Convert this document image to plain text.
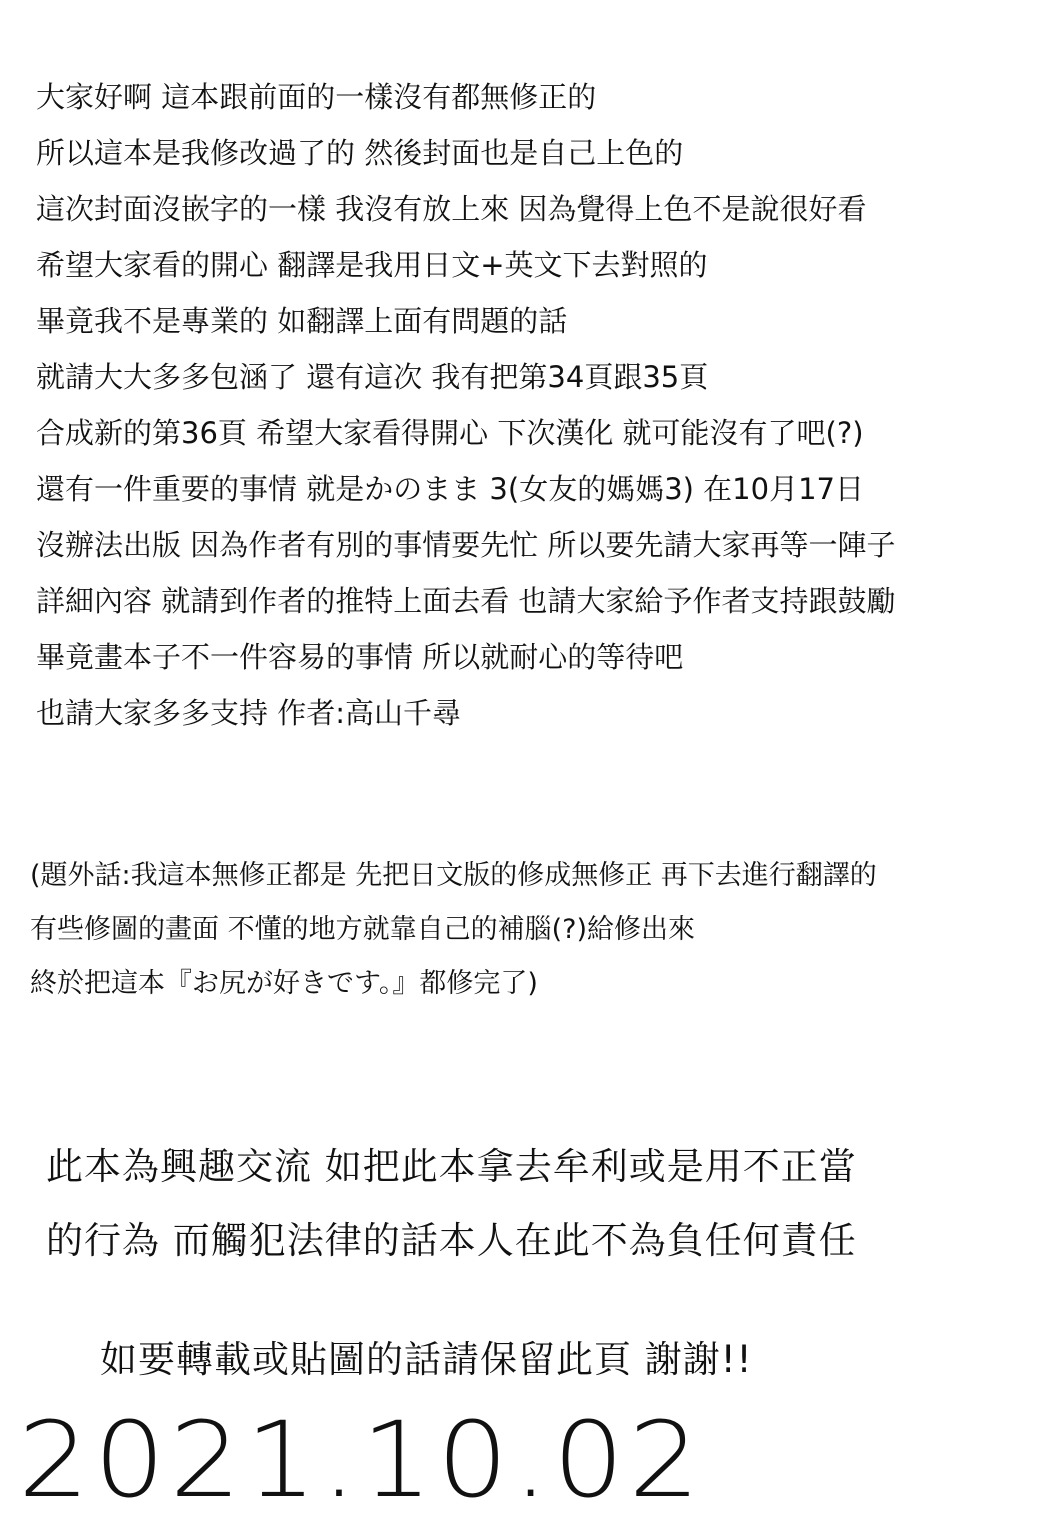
大家好啊 這本跟前面的一樣沒有都無修正的
所以這本是我修改過了的 然後封面也是自己上色的
這次封面沒嵌字的一樣 我沒有放上來 因為覺得上色不是說很好看
希望大家看的開心 翻譯是我用日文+英文下去對照的
畢竟我不是專業的 如翻譯上面有問題的話
就請大大多多包涵了 還有這次 我有把第34頁跟35頁
合成新的第36頁 希望大家看得開心 下次漢化 就可能沒有了吧(?)
還有一件重要的事情 就是かのまま 3(女友的媽媽3) 在10月17日
沒辦法出版 因為作者有別的事情要先忙 所以要先請大家再等一陣子
詳細內容 就請到作者的推特上面去看 也請大家給予作者支持跟鼓勵
畢竟畫本子不一件容易的事情 所以就耐心的等待吧
也請大家多多支持 作者:高山千尋
(題外話:我這本無修正都是 先把日文版的修成無修正 再下去進行翻譯的
有些修圖的畫面 不懂的地方就靠自己的補腦(?)給修出來
終於把這本『お尻が好きです。』都修完了)
此本為興趣交流 如把此本拿去牟利或是用不正當
的行為 而觸犯法律的話本人在此不為負任何責任
如要轉載或貼圖的話請保留此頁 謝謝!!
2021.10.02
